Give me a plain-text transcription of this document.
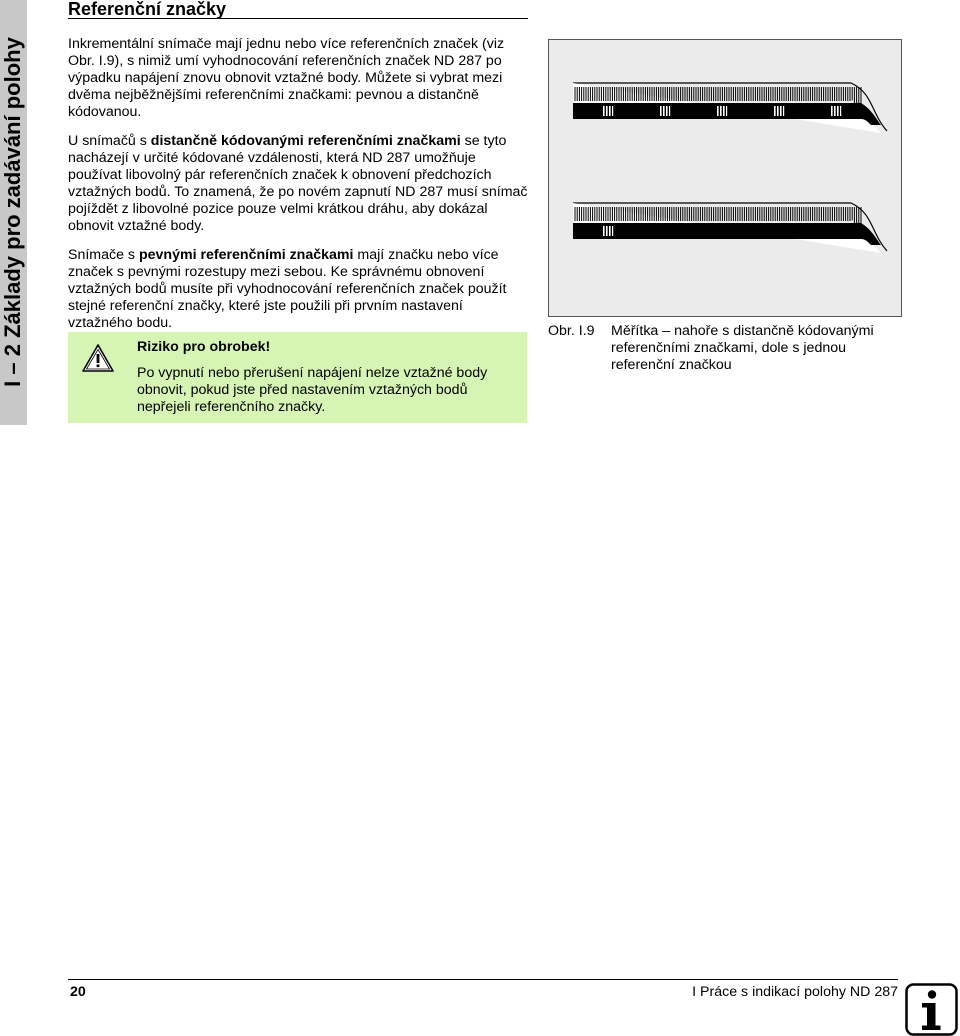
I – 2 Základy pro zadávání polohy
Referenční značky

Inkrementální snímače mají jednu nebo více referenčních značek (viz Obr. I.9), s nimiž umí vyhodnocování referenčních značek ND 287 po výpadku napájení znovu obnovit vztažné body. Můžete si vybrat mezi dvěma nejběžnějšími referenčními značkami: pevnou a distančně kódovanou.

U snímačů s distančně kódovanými referenčními značkami se tyto nacházejí v určité kódované vzdálenosti, která ND 287 umožňuje používat libovolný pár referenčních značek k obnovení předchozích vztažných bodů. To znamená, že po novém zapnutí ND 287 musí snímač pojíždět z libovolné pozice pouze velmi krátkou dráhu, aby dokázal obnovit vztažné body.

Snímače s pevnými referenčními značkami mají značku nebo více značek s pevnými rozestupy mezi sebou. Ke správnému obnovení vztažných bodů musíte při vyhodnocování referenčních značek použít stejné referenční značky, které jste použili při prvním nastavení vztažného bodu.

Riziko pro obrobek!
Po vypnutí nebo přerušení napájení nelze vztažné body obnovit, pokud jste před nastavením vztažných bodů nepřejeli referenčního značky.
Obr. I.9 Měřítka – nahoře s distančně kódovanými referenčními značkami, dole s jednou referenční značkou
20	I Práce s indikací polohy ND 287
